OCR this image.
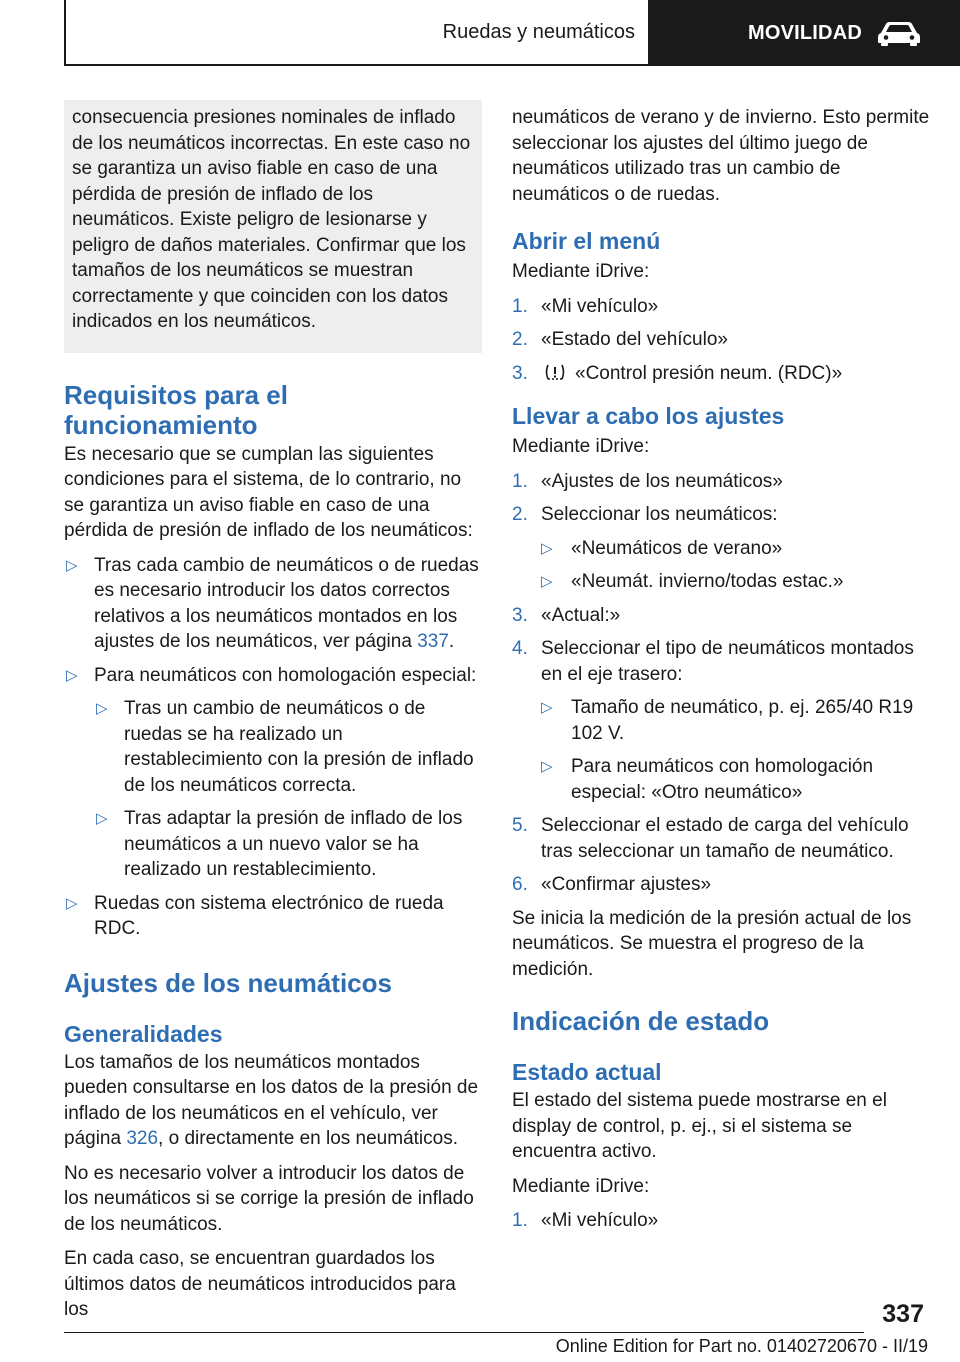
Ruedas y neumáticos	MOVILIDAD

consecuencia presiones nominales de inflado de los neumáticos incorrectas. En este caso no se garantiza un aviso fiable en caso de una pérdida de presión de inflado de los neumáticos. Existe peligro de lesionarse y peligro de daños materiales. Confirmar que los tamaños de los neumáticos se muestran correctamente y que coinciden con los datos indicados en los neumáticos.

Requisitos para el funcionamiento

Es necesario que se cumplan las siguientes condiciones para el sistema, de lo contrario, no se garantiza un aviso fiable en caso de una pérdida de presión de inflado de los neumáticos:

▷ Tras cada cambio de neumáticos o de ruedas es necesario introducir los datos correctos relativos a los neumáticos montados en los ajustes de los neumáticos, ver página 337.
▷ Para neumáticos con homologación especial:
▷ Tras un cambio de neumáticos o de ruedas se ha realizado un restablecimiento con la presión de inflado de los neumáticos correcta.
▷ Tras adaptar la presión de inflado de los neumáticos a un nuevo valor se ha realizado un restablecimiento.
▷ Ruedas con sistema electrónico de rueda RDC.
Ajustes de los neumáticos
Generalidades

Los tamaños de los neumáticos montados pueden consultarse en los datos de la presión de inflado de los neumáticos en el vehículo, ver página 326, o directamente en los neumáticos.

No es necesario volver a introducir los datos de los neumáticos si se corrige la presión de inflado de los neumáticos.

En cada caso, se encuentran guardados los últimos datos de neumáticos introducidos para los

neumáticos de verano y de invierno. Esto permite seleccionar los ajustes del último juego de neumáticos utilizado tras un cambio de neumáticos o de ruedas.

Abrir el menú

Mediante iDrive:

1. «Mi vehículo»
2. «Estado del vehículo»
3. «Control presión neum. (RDC)»
Llevar a cabo los ajustes

Mediante iDrive:

1. «Ajustes de los neumáticos»
2. Seleccionar los neumáticos:
▷ «Neumáticos de verano»
▷ «Neumát. invierno/todas estac.»
3. «Actual:»
4. Seleccionar el tipo de neumáticos montados en el eje trasero:
▷ Tamaño de neumático, p. ej. 265/40 R19 102 V.
▷ Para neumáticos con homologación especial: «Otro neumático»
5. Seleccionar el estado de carga del vehículo tras seleccionar un tamaño de neumático.
6. «Confirmar ajustes»

Se inicia la medición de la presión actual de los neumáticos. Se muestra el progreso de la medición.

Indicación de estado
Estado actual

El estado del sistema puede mostrarse en el display de control, p. ej., si el sistema se encuentra activo.

Mediante iDrive:

1. «Mi vehículo»
337
Online Edition for Part no. 01402720670 - II/19
